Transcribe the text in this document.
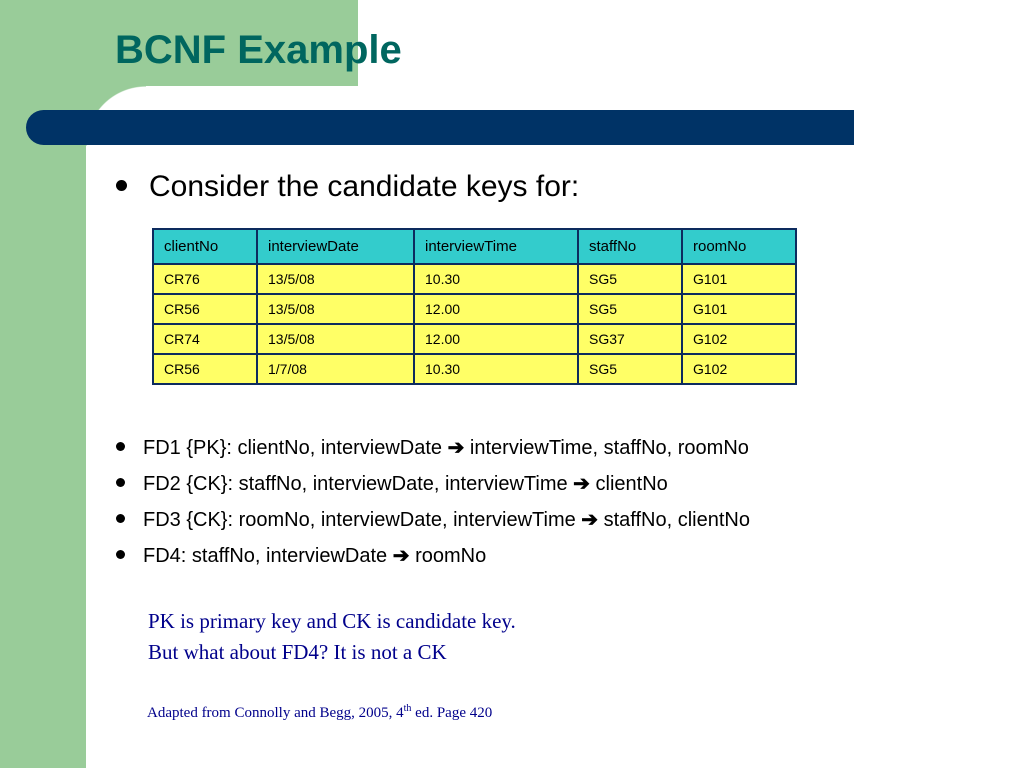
BCNF Example
Consider the candidate keys for:
clientNo	interviewDate	interviewTime	staffNo	roomNo
CR76	13/5/08	10.30	SG5	G101
CR56	13/5/08	12.00	SG5	G101
CR74	13/5/08	12.00	SG37	G102
CR56	1/7/08	10.30	SG5	G102
FD1 {PK}: clientNo, interviewDate ➔ interviewTime, staffNo, roomNo
FD2 {CK}: staffNo, interviewDate, interviewTime ➔ clientNo
FD3 {CK}: roomNo, interviewDate, interviewTime ➔ staffNo, clientNo
FD4: staffNo, interviewDate ➔ roomNo
PK is primary key and CK is candidate key.
But what about FD4? It is not a CK
Adapted from Connolly and Begg, 2005, 4th ed. Page 420
